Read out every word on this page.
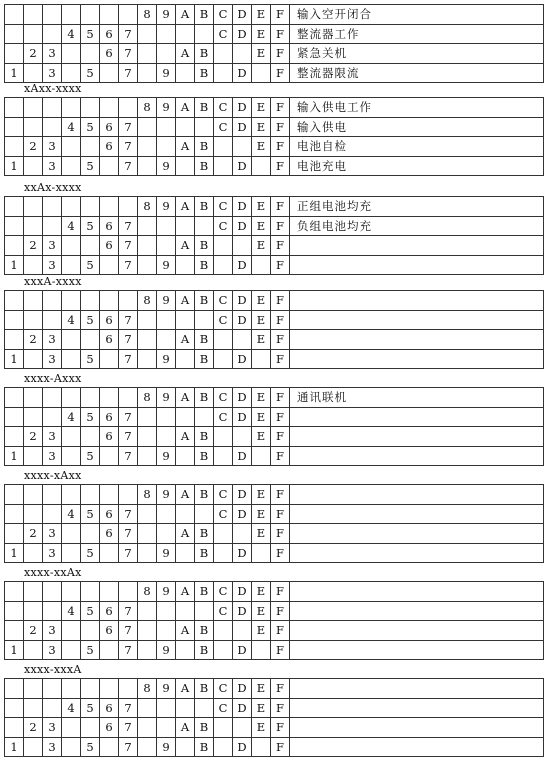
							8	9	A	B	C	D	E	F	输入空开闭合
			4	5	6	7					C	D	E	F	整流器工作
	2	3			6	7			A	B			E	F	紧急关机
1		3		5		7		9		B		D		F	整流器限流
xAxx-xxxx
							8	9	A	B	C	D	E	F	输入供电工作
			4	5	6	7					C	D	E	F	输入供电
	2	3			6	7			A	B			E	F	电池自检
1		3		5		7		9		B		D		F	电池充电
xxAx-xxxx
							8	9	A	B	C	D	E	F	正组电池均充
			4	5	6	7					C	D	E	F	负组电池均充
	2	3			6	7			A	B			E	F	
1		3		5		7		9		B		D		F	
xxxA-xxxx
							8	9	A	B	C	D	E	F	
			4	5	6	7					C	D	E	F	
	2	3			6	7			A	B			E	F	
1		3		5		7		9		B		D		F	
xxxx-Axxx
							8	9	A	B	C	D	E	F	通讯联机
			4	5	6	7					C	D	E	F	
	2	3			6	7			A	B			E	F	
1		3		5		7		9		B		D		F	
xxxx-xAxx
							8	9	A	B	C	D	E	F	
			4	5	6	7					C	D	E	F	
	2	3			6	7			A	B			E	F	
1		3		5		7		9		B		D		F	
xxxx-xxAx
							8	9	A	B	C	D	E	F	
			4	5	6	7					C	D	E	F	
	2	3			6	7			A	B			E	F	
1		3		5		7		9		B		D		F	
xxxx-xxxA
							8	9	A	B	C	D	E	F	
			4	5	6	7					C	D	E	F	
	2	3			6	7			A	B			E	F	
1		3		5		7		9		B		D		F	
